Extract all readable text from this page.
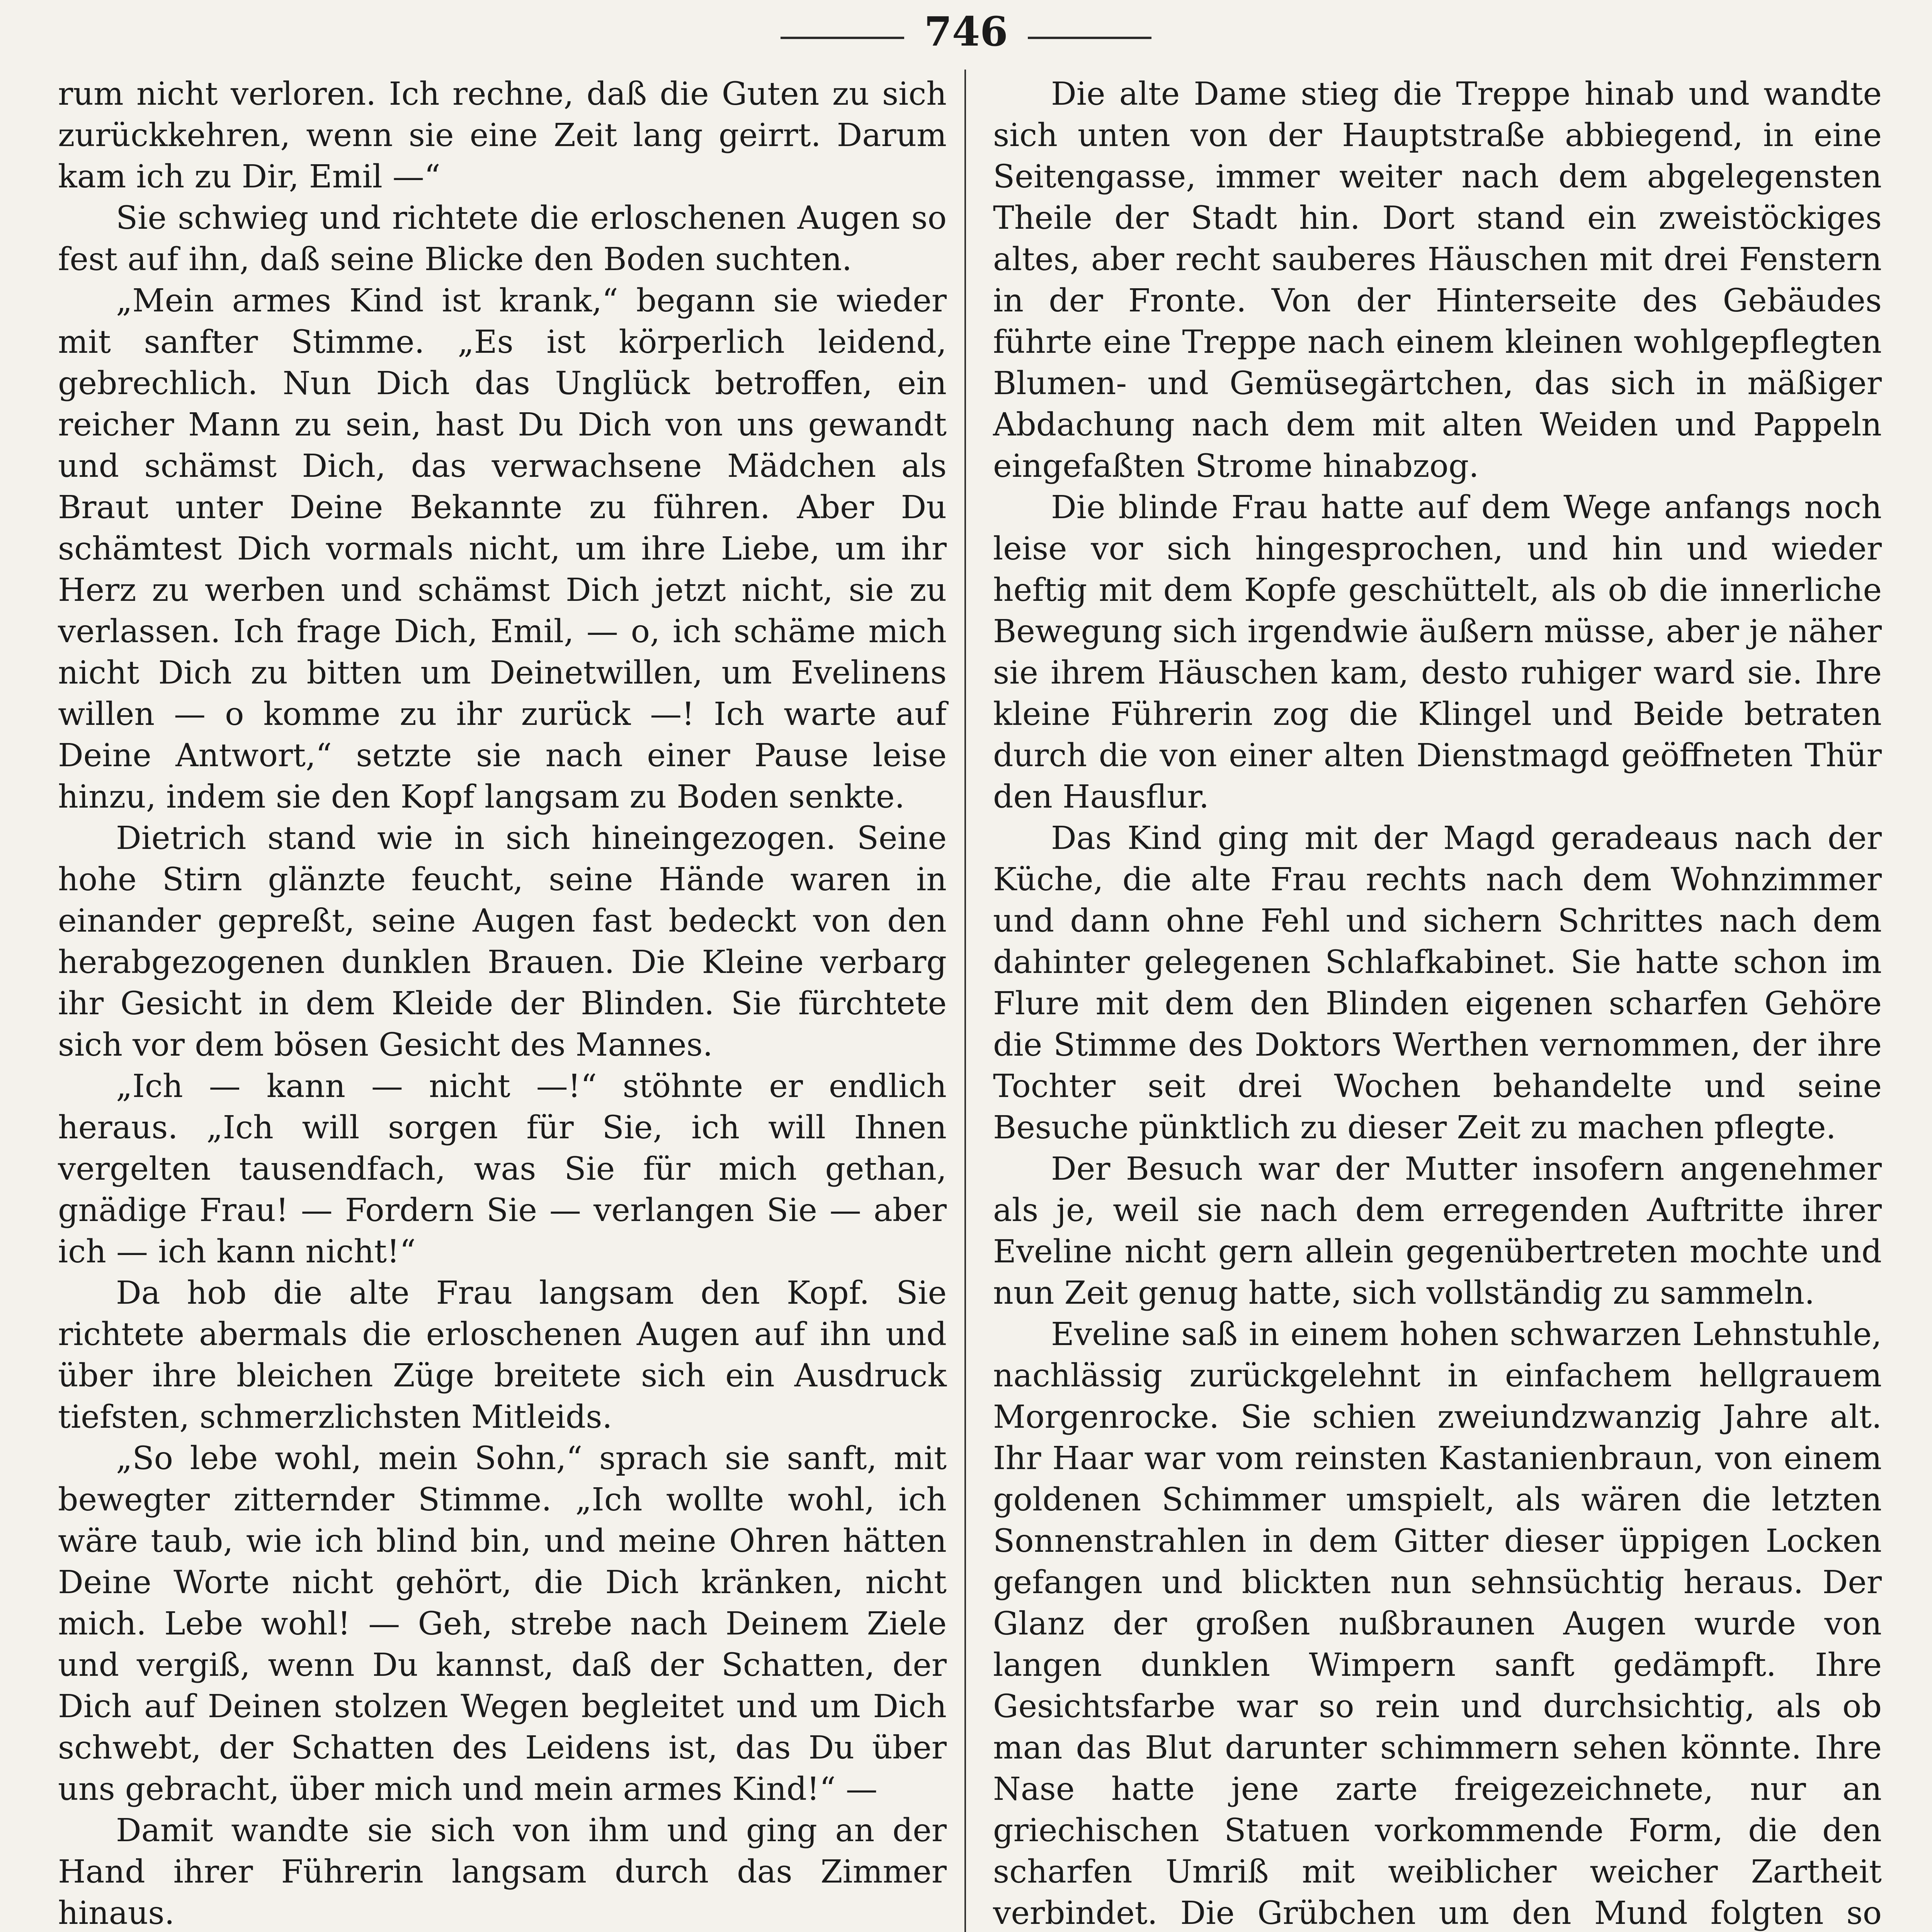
746

rum nicht verloren. Ich rechne, daß die Guten zu sich zurückkehren, wenn sie eine Zeit lang geirrt. Darum kam ich zu Dir, Emil —“

Sie schwieg und richtete die erloschenen Augen so fest auf ihn, daß seine Blicke den Boden suchten.

„Mein armes Kind ist krank,“ begann sie wieder mit sanfter Stimme. „Es ist körperlich leidend, gebrechlich. Nun Dich das Unglück betroffen, ein reicher Mann zu sein, hast Du Dich von uns gewandt und schämst Dich, das verwachsene Mädchen als Braut unter Deine Bekannte zu führen. Aber Du schämtest Dich vormals nicht, um ihre Liebe, um ihr Herz zu werben und schämst Dich jetzt nicht, sie zu verlassen. Ich frage Dich, Emil, — o, ich schäme mich nicht Dich zu bitten um Deinetwillen, um Evelinens willen — o komme zu ihr zurück —! Ich warte auf Deine Antwort,“ setzte sie nach einer Pause leise hinzu, indem sie den Kopf langsam zu Boden senkte.

Dietrich stand wie in sich hineingezogen. Seine hohe Stirn glänzte feucht, seine Hände waren in einander gepreßt, seine Augen fast bedeckt von den herabgezogenen dunklen Brauen. Die Kleine verbarg ihr Gesicht in dem Kleide der Blinden. Sie fürchtete sich vor dem bösen Gesicht des Mannes.

„Ich — kann — nicht —!“ stöhnte er endlich heraus. „Ich will sorgen für Sie, ich will Ihnen vergelten tausendfach, was Sie für mich gethan, gnädige Frau! — Fordern Sie — verlangen Sie — aber ich — ich kann nicht!“

Da hob die alte Frau langsam den Kopf. Sie richtete abermals die erloschenen Augen auf ihn und über ihre bleichen Züge breitete sich ein Ausdruck tiefsten, schmerzlichsten Mitleids.

„So lebe wohl, mein Sohn,“ sprach sie sanft, mit bewegter zitternder Stimme. „Ich wollte wohl, ich wäre taub, wie ich blind bin, und meine Ohren hätten Deine Worte nicht gehört, die Dich kränken, nicht mich. Lebe wohl! — Geh, strebe nach Deinem Ziele und vergiß, wenn Du kannst, daß der Schatten, der Dich auf Deinen stolzen Wegen begleitet und um Dich schwebt, der Schatten des Leidens ist, das Du über uns gebracht, über mich und mein armes Kind!“ —

Damit wandte sie sich von ihm und ging an der Hand ihrer Führerin langsam durch das Zimmer hinaus.

Die alte Dame stieg die Treppe hinab und wandte sich unten von der Hauptstraße abbiegend, in eine Seitengasse, immer weiter nach dem abgelegensten Theile der Stadt hin. Dort stand ein zweistöckiges altes, aber recht sauberes Häuschen mit drei Fenstern in der Fronte. Von der Hinterseite des Gebäudes führte eine Treppe nach einem kleinen wohlgepflegten Blumen- und Gemüsegärtchen, das sich in mäßiger Abdachung nach dem mit alten Weiden und Pappeln eingefaßten Strome hinabzog.

Die blinde Frau hatte auf dem Wege anfangs noch leise vor sich hingesprochen, und hin und wieder heftig mit dem Kopfe geschüttelt, als ob die innerliche Bewegung sich irgendwie äußern müsse, aber je näher sie ihrem Häuschen kam, desto ruhiger ward sie. Ihre kleine Führerin zog die Klingel und Beide betraten durch die von einer alten Dienstmagd geöffneten Thür den Hausflur.

Das Kind ging mit der Magd geradeaus nach der Küche, die alte Frau rechts nach dem Wohnzimmer und dann ohne Fehl und sichern Schrittes nach dem dahinter gelegenen Schlafkabinet. Sie hatte schon im Flure mit dem den Blinden eigenen scharfen Gehöre die Stimme des Doktors Werthen vernommen, der ihre Tochter seit drei Wochen behandelte und seine Besuche pünktlich zu dieser Zeit zu machen pflegte.

Der Besuch war der Mutter insofern angenehmer als je, weil sie nach dem erregenden Auftritte ihrer Eveline nicht gern allein gegenübertreten mochte und nun Zeit genug hatte, sich vollständig zu sammeln.

Eveline saß in einem hohen schwarzen Lehnstuhle, nachlässig zurückgelehnt in einfachem hellgrauem Morgenrocke. Sie schien zweiundzwanzig Jahre alt. Ihr Haar war vom reinsten Kastanienbraun, von einem goldenen Schimmer umspielt, als wären die letzten Sonnenstrahlen in dem Gitter dieser üppigen Locken gefangen und blickten nun sehnsüchtig heraus. Der Glanz der großen nußbraunen Augen wurde von langen dunklen Wimpern sanft gedämpft. Ihre Gesichtsfarbe war so rein und durchsichtig, als ob man das Blut darunter schimmern sehen könnte. Ihre Nase hatte jene zarte freigezeichnete, nur an griechischen Statuen vorkommende Form, die den scharfen Umriß mit weiblicher weicher Zartheit verbindet. Die Grübchen um den Mund folgten so
